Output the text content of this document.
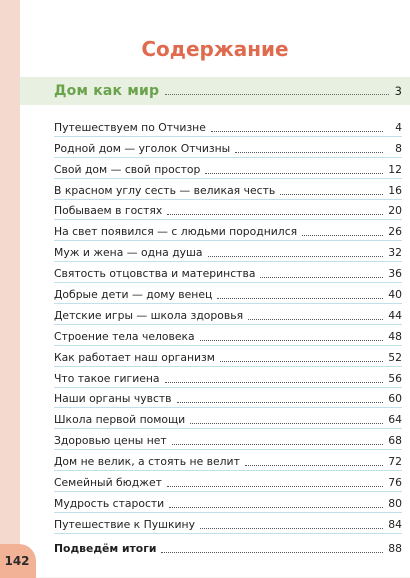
Содержание
Дом как мир	3
Путешествуем по Отчизне	4
Родной дом — уголок Отчизны	8
Свой дом — свой простор	12
В красном углу сесть — великая честь	16
Побываем в гостях	20
На свет появился — с людьми породнился	26
Муж и жена — одна душа	32
Святость отцовства и материнства	36
Добрые дети — дому венец	40
Детские игры — школа здоровья	44
Строение тела человека	48
Как работает наш организм	52
Что такое гигиена	56
Наши органы чувств	60
Школа первой помощи	64
Здоровью цены нет	68
Дом не велик, а стоять не велит	72
Семейный бюджет	76
Мудрость старости	80
Путешествие к Пушкину	84
Подведём итоги	88
142
